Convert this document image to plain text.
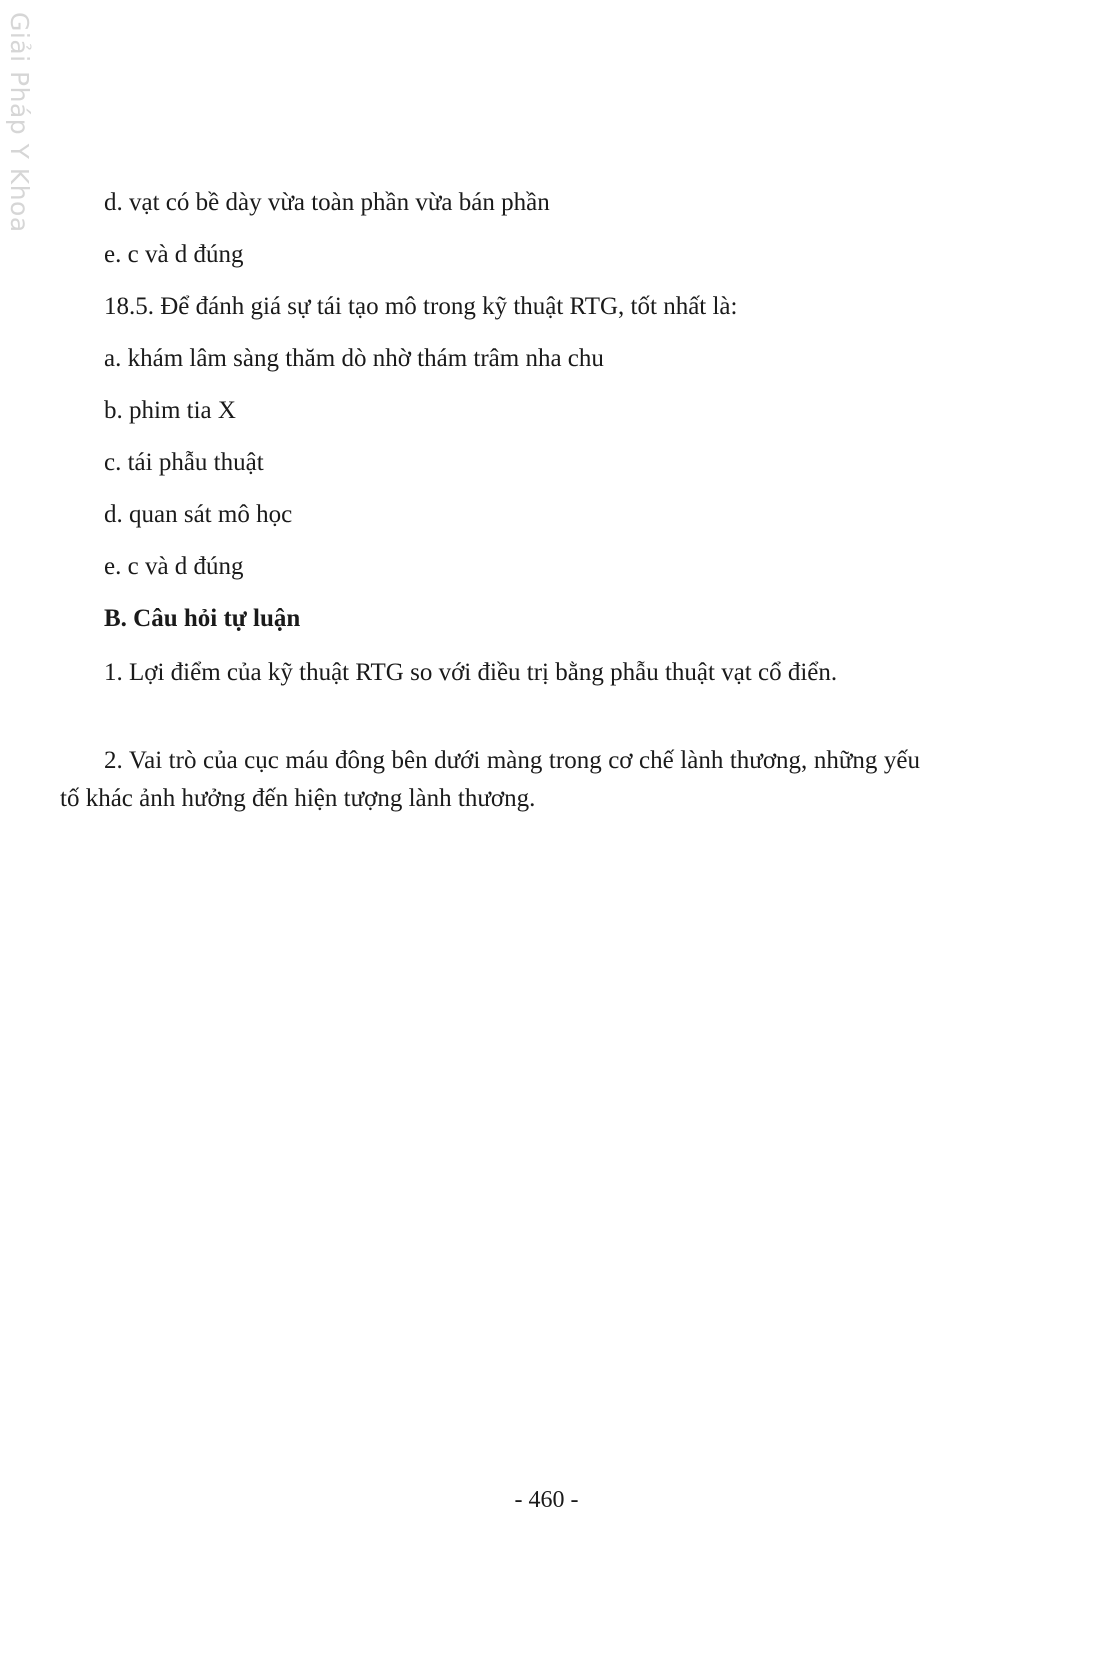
Giải Pháp Y Khoa	d. vạt có bề dày vừa toàn phần vừa bán phần
e. c và d đúng
18.5. Để đánh giá sự tái tạo mô trong kỹ thuật RTG, tốt nhất là:
a. khám lâm sàng thăm dò nhờ thám trâm nha chu
b. phim tia X
c. tái phẫu thuật
d. quan sát mô học
e. c và d đúng
B. Câu hỏi tự luận
1. Lợi điểm của kỹ thuật RTG so với điều trị bằng phẫu thuật vạt cổ điển.
2. Vai trò của cục máu đông bên dưới màng trong cơ chế lành thương, những yếu tố khác ảnh hưởng đến hiện tượng lành thương.
- 460 -
